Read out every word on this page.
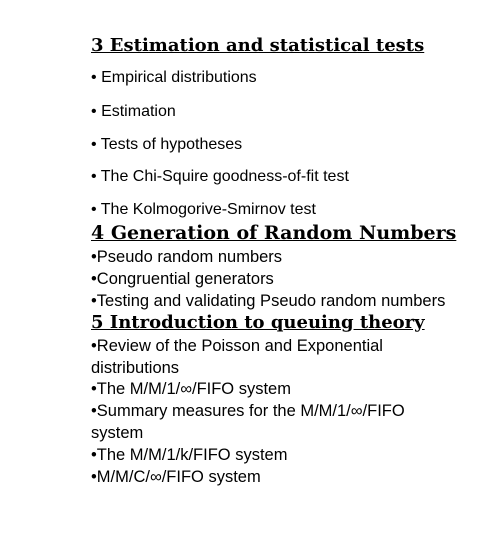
3 Estimation and statistical tests

• Empirical distributions

• Estimation

• Tests of hypotheses

• The Chi-Squire goodness-of-fit test

• The Kolmogorive-Smirnov test

4 Generation of Random Numbers

•Pseudo random numbers

•Congruential generators

•Testing and validating Pseudo random numbers

5 Introduction to queuing theory

•Review of the Poisson and Exponential distributions

•The M/M/1/∞/FIFO system

•Summary measures for the M/M/1/∞/FIFO system

•The M/M/1/k/FIFO system

•M/M/C/∞/FIFO system
